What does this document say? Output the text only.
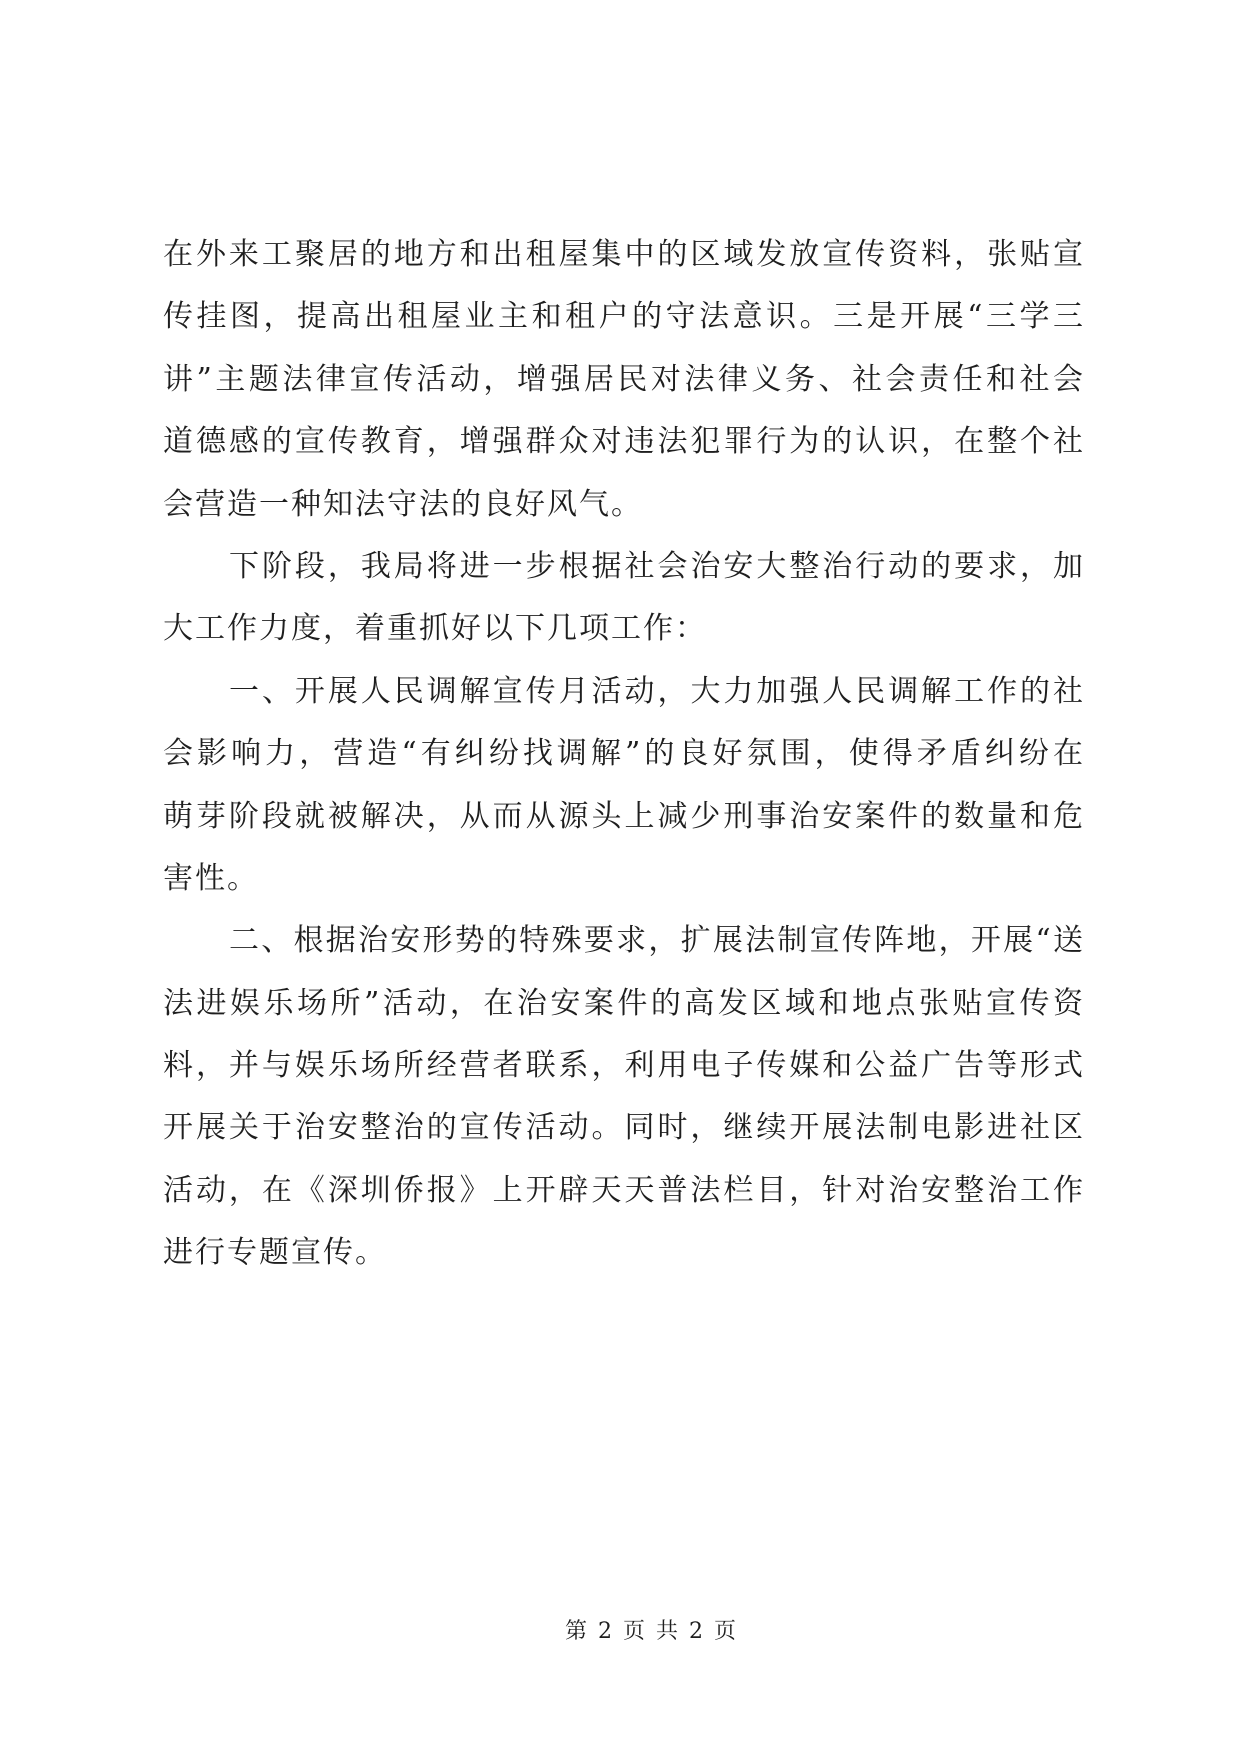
在外来工聚居的地方和出租屋集中的区域发放宣传资料，张贴宣
传挂图，提高出租屋业主和租户的守法意识。三是开展“三学三
讲”主题法律宣传活动，增强居民对法律义务、社会责任和社会
道德感的宣传教育，增强群众对违法犯罪行为的认识，在整个社
会营造一种知法守法的良好风气。
下阶段，我局将进一步根据社会治安大整治行动的要求，加
大工作力度，着重抓好以下几项工作：
一、开展人民调解宣传月活动，大力加强人民调解工作的社
会影响力，营造“有纠纷找调解”的良好氛围，使得矛盾纠纷在
萌芽阶段就被解决，从而从源头上减少刑事治安案件的数量和危
害性。
二、根据治安形势的特殊要求，扩展法制宣传阵地，开展“送
法进娱乐场所”活动，在治安案件的高发区域和地点张贴宣传资
料，并与娱乐场所经营者联系，利用电子传媒和公益广告等形式
开展关于治安整治的宣传活动。同时，继续开展法制电影进社区
活动，在《深圳侨报》上开辟天天普法栏目，针对治安整治工作
进行专题宣传。
第 2 页 共 2 页
